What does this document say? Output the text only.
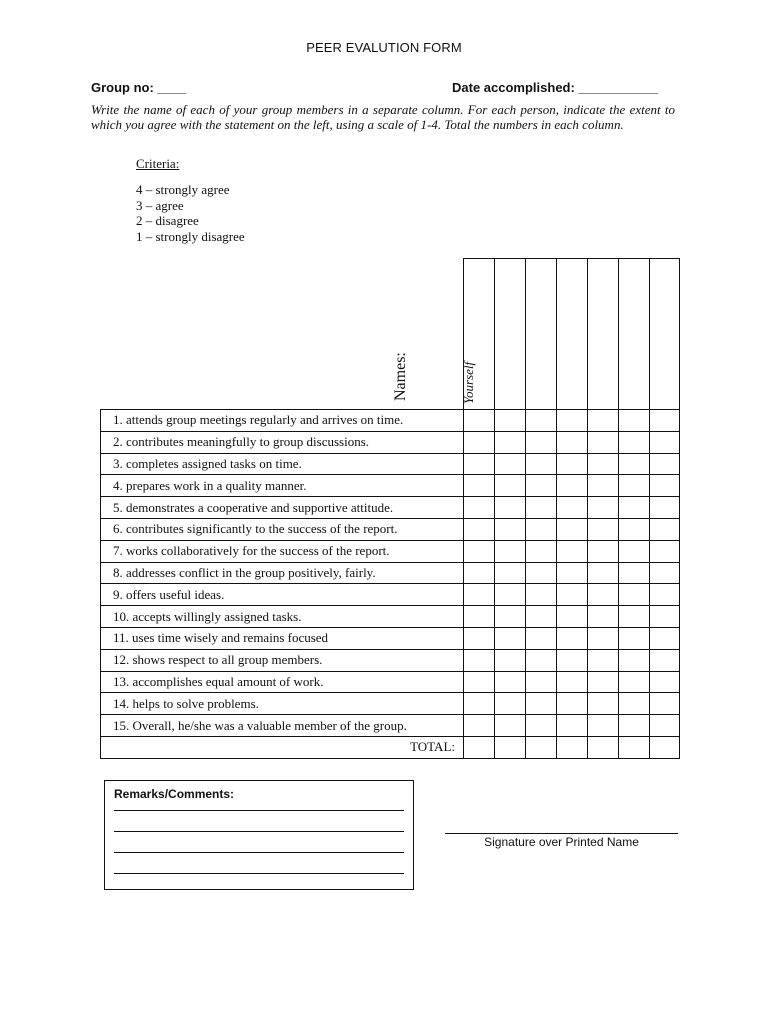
PEER EVALUTION FORM
Group no: ____	Date accomplished: ___________
Write the name of each of your group members in a separate column. For each person, indicate the extent to which you agree with the statement on the left, using a scale of 1-4. Total the numbers in each column.
Criteria:
4 – strongly agree
3 – agree
2 – disagree
1 – strongly disagree
Names:	Yourself						

1. attends group meetings regularly and arrives on time.							
2. contributes meaningfully to group discussions.							
3. completes assigned tasks on time.							
4. prepares work in a quality manner.							
5. demonstrates a cooperative and supportive attitude.							
6. contributes significantly to the success of the report.							
7. works collaboratively for the success of the report.							
8. addresses conflict in the group positively, fairly.							
9. offers useful ideas.							
10. accepts willingly assigned tasks.							
11. uses time wisely and remains focused							
12. shows respect to all group members.							
13. accomplishes equal amount of work.							
14. helps to solve problems.							
15. Overall, he/she was a valuable member of the group.							
TOTAL:							
Remarks/Comments:
Signature over Printed Name
